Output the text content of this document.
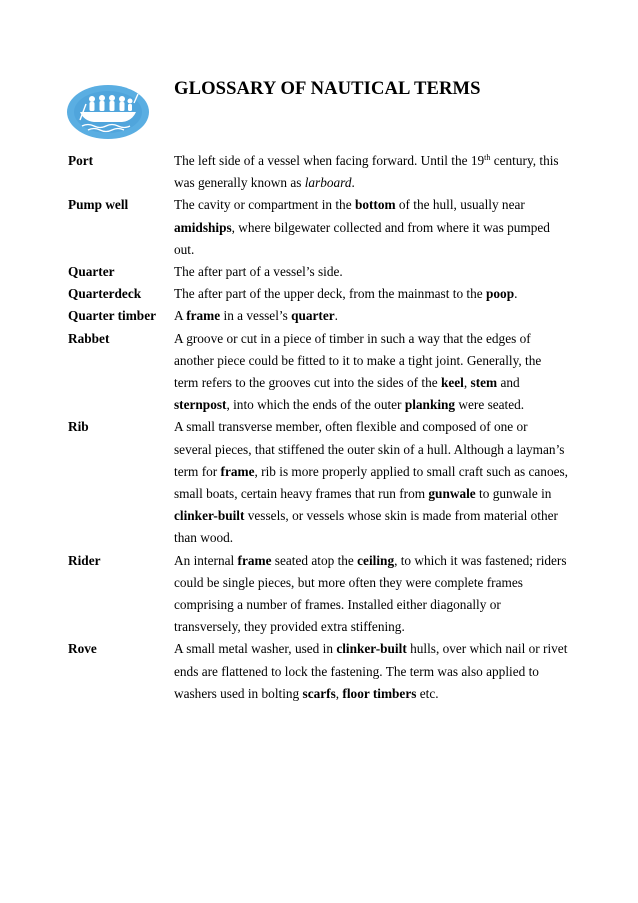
GLOSSARY OF NAUTICAL TERMS
Port	The left side of a vessel when facing forward. Until the 19th century, this was generally known as larboard.
Pump well	The cavity or compartment in the bottom of the hull, usually near amidships, where bilgewater collected and from where it was pumped out.
Quarter	The after part of a vessel’s side.
Quarterdeck	The after part of the upper deck, from the mainmast to the poop.
Quarter timber	A frame in a vessel’s quarter.
Rabbet	A groove or cut in a piece of timber in such a way that the edges of another piece could be fitted to it to make a tight joint. Generally, the term refers to the grooves cut into the sides of the keel, stem and sternpost, into which the ends of the outer planking were seated.
Rib	A small transverse member, often flexible and composed of one or several pieces, that stiffened the outer skin of a hull. Although a layman’s term for frame, rib is more properly applied to small craft such as canoes, small boats, certain heavy frames that run from gunwale to gunwale in clinker-built vessels, or vessels whose skin is made from material other than wood.
Rider	An internal frame seated atop the ceiling, to which it was fastened; riders could be single pieces, but more often they were complete frames comprising a number of frames. Installed either diagonally or transversely, they provided extra stiffening.
Rove	A small metal washer, used in clinker-built hulls, over which nail or rivet ends are flattened to lock the fastening. The term was also applied to washers used in bolting scarfs, floor timbers etc.
